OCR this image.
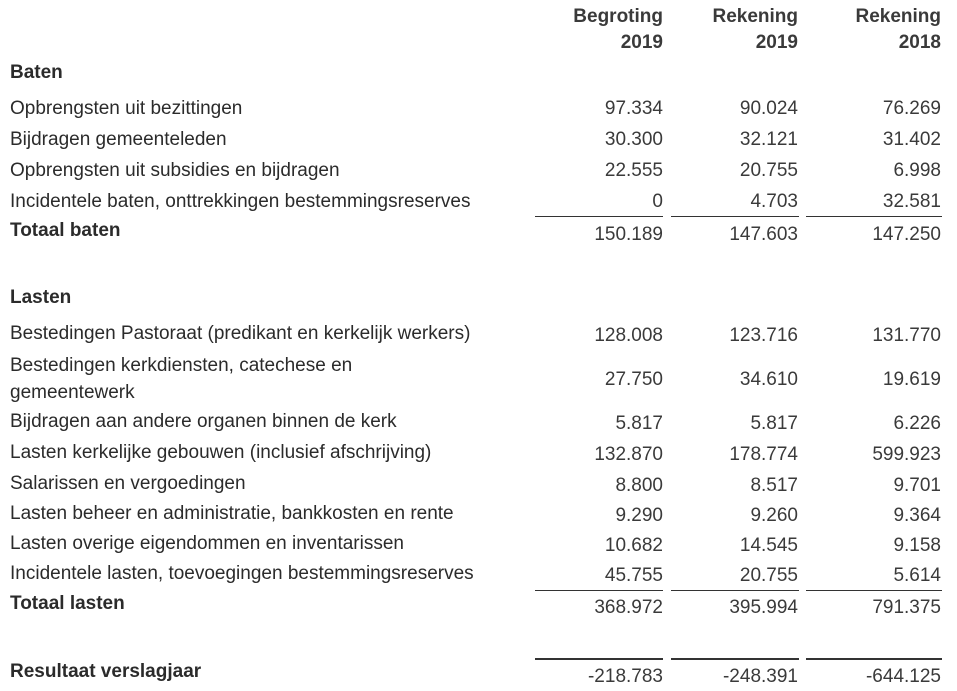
Begroting
2019
Rekening
2019
Rekening
2018
Baten
Opbrengsten uit bezittingen	97.334	90.024	76.269
Bijdragen gemeenteleden	30.300	32.121	31.402
Opbrengsten uit subsidies en bijdragen	22.555	20.755	6.998
Incidentele baten, onttrekkingen bestemmingsreserves	0	4.703	32.581
Totaal baten	150.189	147.603	147.250
Lasten
Bestedingen Pastoraat (predikant en kerkelijk werkers)	128.008	123.716	131.770
Bestedingen kerkdiensten, catechese en gemeentewerk
27.750	34.610	19.619
Bijdragen aan andere organen binnen de kerk	5.817	5.817	6.226
Lasten kerkelijke gebouwen (inclusief afschrijving)	132.870	178.774	599.923
Salarissen en vergoedingen	8.800	8.517	9.701
Lasten beheer en administratie, bankkosten en rente	9.290	9.260	9.364
Lasten overige eigendommen en inventarissen	10.682	14.545	9.158
Incidentele lasten, toevoegingen bestemmingsreserves	45.755	20.755	5.614
Totaal lasten	368.972	395.994	791.375
Resultaat verslagjaar	-218.783	-248.391	-644.125
